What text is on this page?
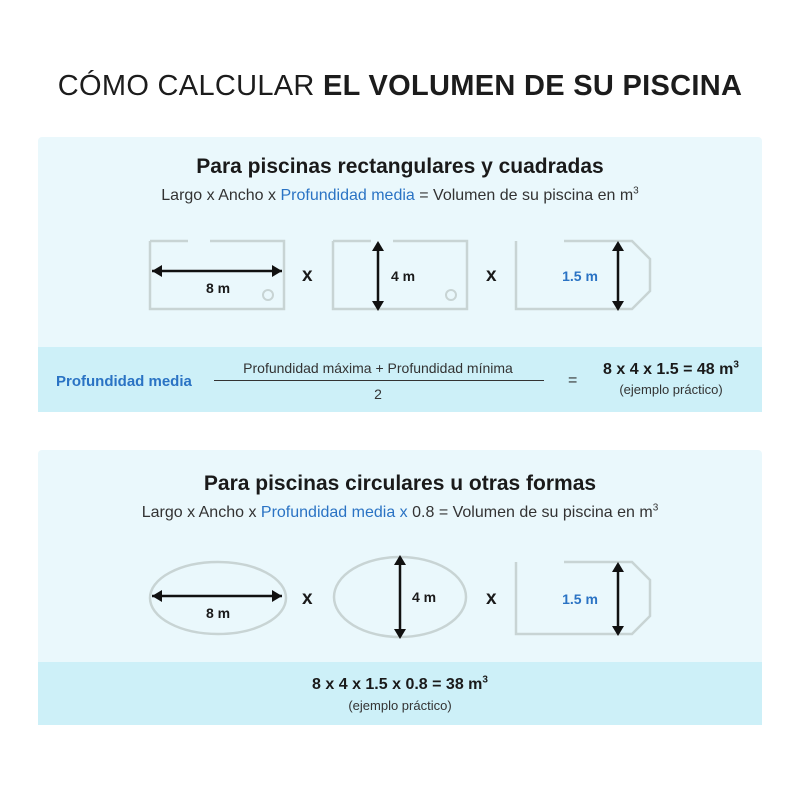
CÓMO CALCULAR EL VOLUMEN DE SU PISCINA
Para piscinas rectangulares y cuadradas
Largo x Ancho x Profundidad media = Volumen de su piscina en $m^3$
8 m
x	4 m	x	1.5 m
Profundidad media
Profundidad máxima + Profundidad mínima
2
=
8 x 4 x 1.5 = 48 $m^3$
(ejemplo práctico)
Para piscinas circulares u otras formas
Largo x Ancho x Profundidad media x 0.8 = Volumen de su piscina en $m^3$
8 m
x	4 m	x	1.5 m
8 x 4 x 1.5 x 0.8 = 38 $m^3$
(ejemplo práctico)
